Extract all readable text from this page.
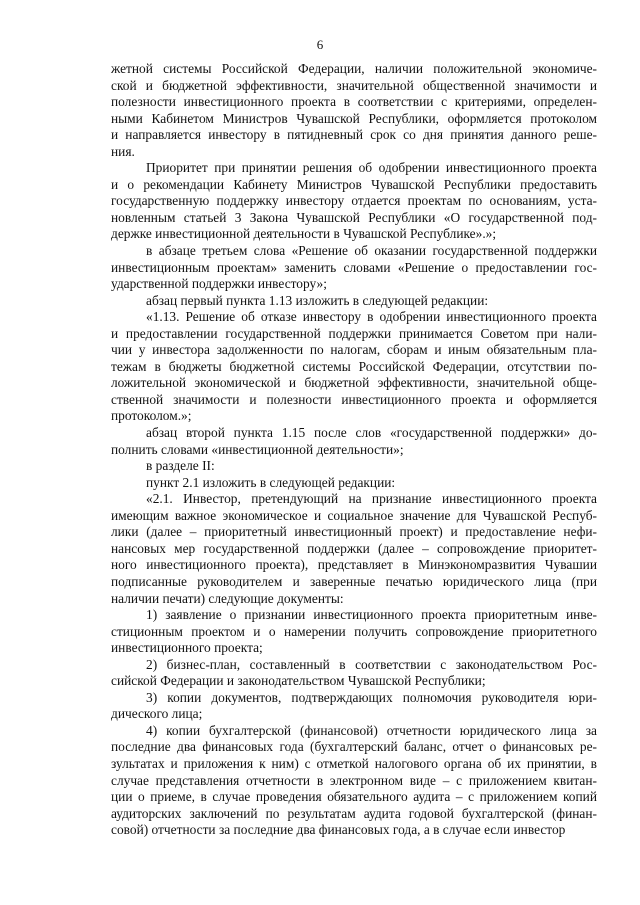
6
жетной системы Российской Федерации, наличии положительной экономиче-
ской и бюджетной эффективности, значительной общественной значимости и
полезности инвестиционного проекта в соответствии с критериями, определен-
ными Кабинетом Министров Чувашской Республики, оформляется протоколом
и направляется инвестору в пятидневный срок со дня принятия данного реше-
ния.
Приоритет при принятии решения об одобрении инвестиционного проекта
и о рекомендации Кабинету Министров Чувашской Республики предоставить
государственную поддержку инвестору отдается проектам по основаниям, уста-
новленным статьей 3 Закона Чувашской Республики «О государственной под-
держке инвестиционной деятельности в Чувашской Республике».»;
в абзаце третьем слова «Решение об оказании государственной поддержки
инвестиционным проектам» заменить словами «Решение о предоставлении гос-
ударственной поддержки инвестору»;
абзац первый пункта 1.13 изложить в следующей редакции:
«1.13. Решение об отказе инвестору в одобрении инвестиционного проекта
и предоставлении государственной поддержки принимается Советом при нали-
чии у инвестора задолженности по налогам, сборам и иным обязательным пла-
тежам в бюджеты бюджетной системы Российской Федерации, отсутствии по-
ложительной экономической и бюджетной эффективности, значительной обще-
ственной значимости и полезности инвестиционного проекта и оформляется
протоколом.»;
абзац второй пункта 1.15 после слов «государственной поддержки» до-
полнить словами «инвестиционной деятельности»;
в разделе II:
пункт 2.1 изложить в следующей редакции:
«2.1. Инвестор, претендующий на признание инвестиционного проекта
имеющим важное экономическое и социальное значение для Чувашской Респуб-
лики (далее – приоритетный инвестиционный проект) и предоставление нефи-
нансовых мер государственной поддержки (далее – сопровождение приоритет-
ного инвестиционного проекта), представляет в Минэкономразвития Чувашии
подписанные руководителем и заверенные печатью юридического лица (при
наличии печати) следующие документы:
1) заявление о признании инвестиционного проекта приоритетным инве-
стиционным проектом и о намерении получить сопровождение приоритетного
инвестиционного проекта;
2) бизнес-план, составленный в соответствии с законодательством Рос-
сийской Федерации и законодательством Чувашской Республики;
3) копии документов, подтверждающих полномочия руководителя юри-
дического лица;
4) копии бухгалтерской (финансовой) отчетности юридического лица за
последние два финансовых года (бухгалтерский баланс, отчет о финансовых ре-
зультатах и приложения к ним) с отметкой налогового органа об их принятии, в
случае представления отчетности в электронном виде – с приложением квитан-
ции о приеме, в случае проведения обязательного аудита – с приложением копий
аудиторских заключений по результатам аудита годовой бухгалтерской (финан-
совой) отчетности за последние два финансовых года, а в случае если инвестор
